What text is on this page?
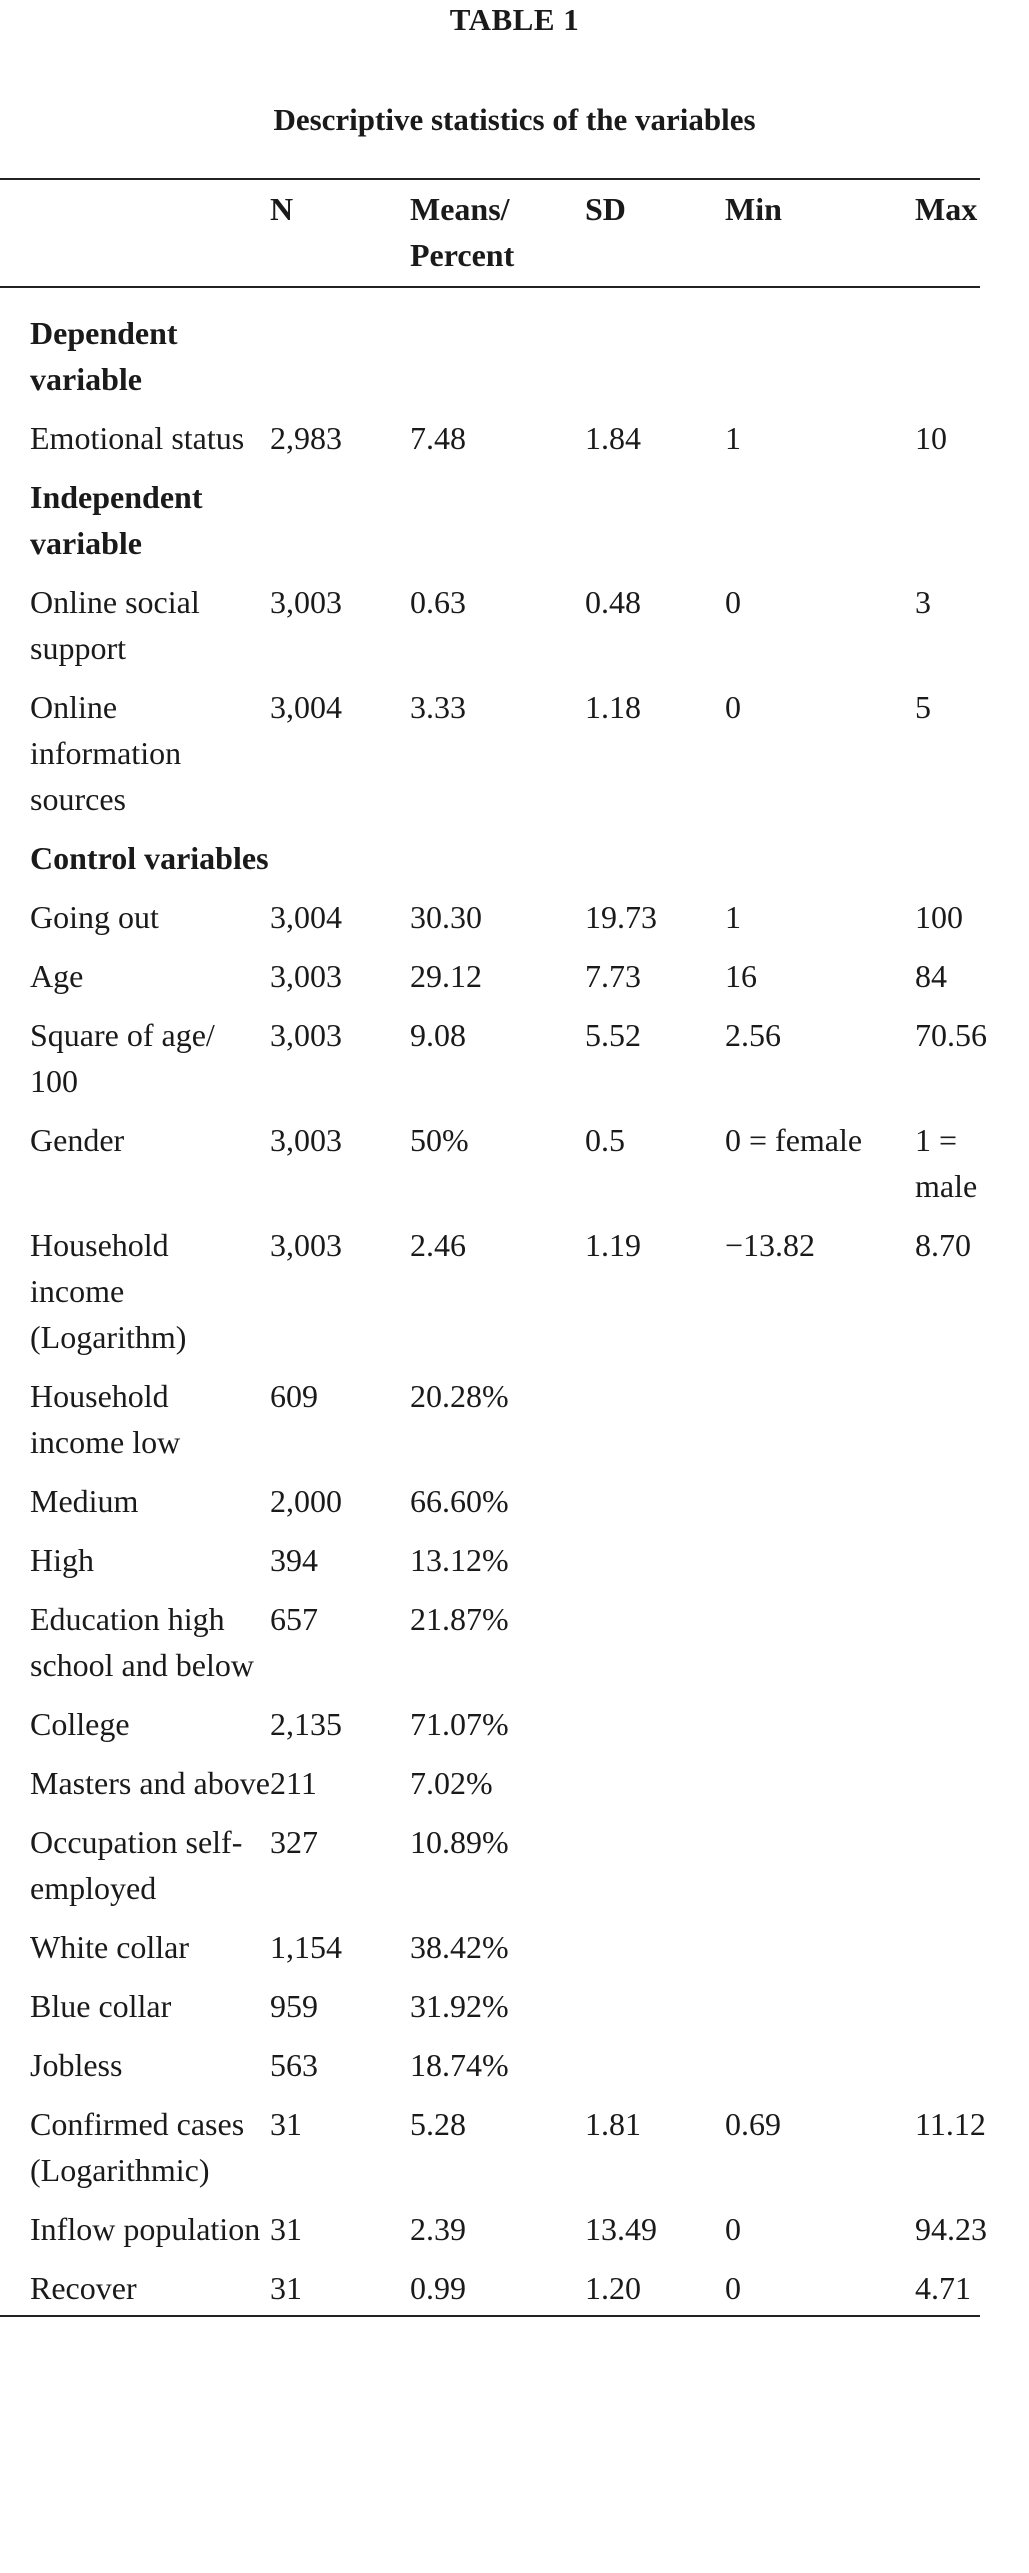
TABLE 1
Descriptive statistics of the variables
	N	Means/ Percent	SD	Min	Max
Dependent variable					
Emotional status	2,983	7.48	1.84	1	10
Independent variable					
Online social support	3,003	0.63	0.48	0	3
Online information sources	3,004	3.33	1.18	0	5
Control variables					
Going out	3,004	30.30	19.73	1	100
Age	3,003	29.12	7.73	16	84
Square of age/ 100	3,003	9.08	5.52	2.56	70.56
Gender	3,003	50%	0.5	0 = female	1 = male
Household income (Logarithm)	3,003	2.46	1.19	−13.82	8.70
Household income low	609	20.28%			
Medium	2,000	66.60%			
High	394	13.12%			
Education high school and below	657	21.87%			
College	2,135	71.07%			
Masters and above	211	7.02%			
Occupation self-employed	327	10.89%			
White collar	1,154	38.42%			
Blue collar	959	31.92%			
Jobless	563	18.74%			
Confirmed cases (Logarithmic)	31	5.28	1.81	0.69	11.12
Inflow population	31	2.39	13.49	0	94.23
Recover	31	0.99	1.20	0	4.71
